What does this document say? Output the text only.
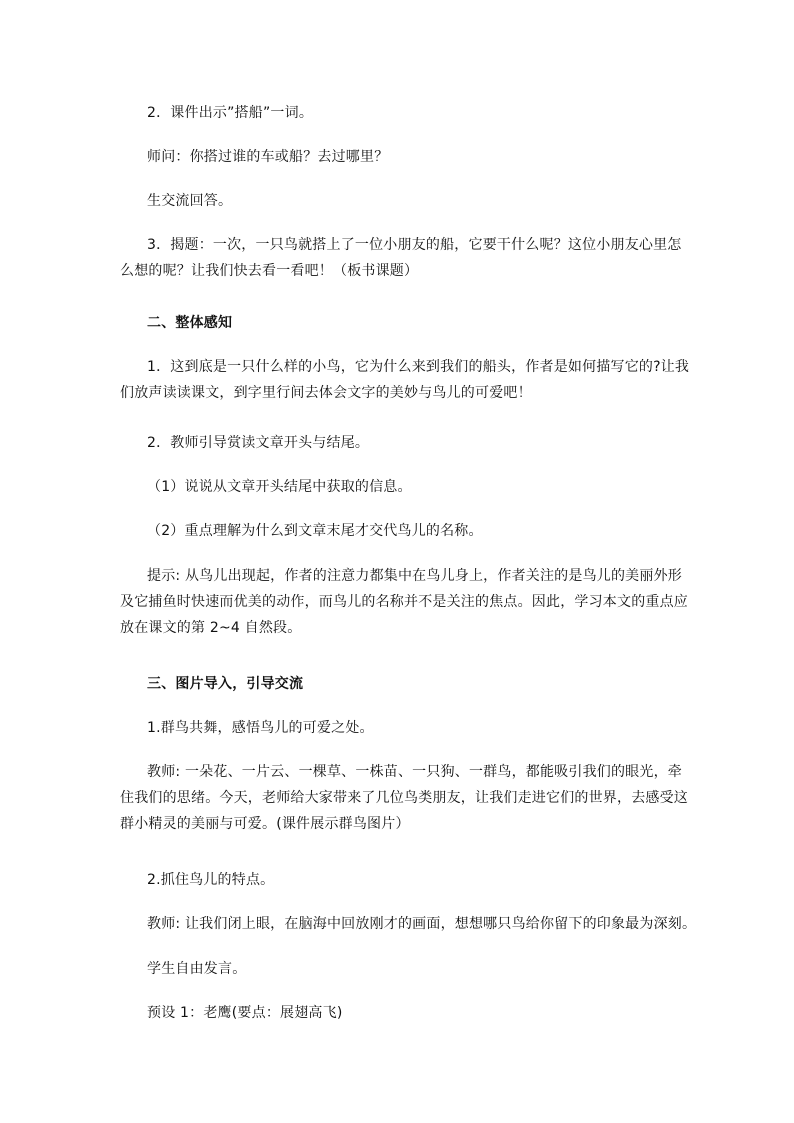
2．课件出示”搭船”一词。
师问：你搭过谁的车或船？去过哪里？
生交流回答。
3．揭题：一次，一只鸟就搭上了一位小朋友的船，它要干什么呢？这位小朋友心里怎
么想的呢？让我们快去看一看吧！（板书课题）
二、整体感知
1．这到底是一只什么样的小鸟，它为什么来到我们的船头，作者是如何描写它的?让我
们放声读读课文，到字里行间去体会文字的美妙与鸟儿的可爱吧！
2．教师引导赏读文章开头与结尾。
（1）说说从文章开头结尾中获取的信息。
（2）重点理解为什么到文章末尾才交代鸟儿的名称。
提示: 从鸟儿出现起，作者的注意力都集中在鸟儿身上，作者关注的是鸟儿的美丽外形
及它捕鱼时快速而优美的动作，而鸟儿的名称并不是关注的焦点。因此，学习本文的重点应
放在课文的第 2~4 自然段。
三、图片导入，引导交流
1.群鸟共舞，感悟鸟儿的可爱之处。
教师: 一朵花、一片云、一棵草、一株苗、一只狗、一群鸟，都能吸引我们的眼光，牵
住我们的思绪。今天，老师给大家带来了几位鸟类朋友，让我们走进它们的世界，去感受这
群小精灵的美丽与可爱。(课件展示群鸟图片）
2.抓住鸟儿的特点。
教师: 让我们闭上眼，在脑海中回放刚才的画面，想想哪只鸟给你留下的印象最为深刻。
学生自由发言。
预设 1：老鹰(要点：展翅高飞)
